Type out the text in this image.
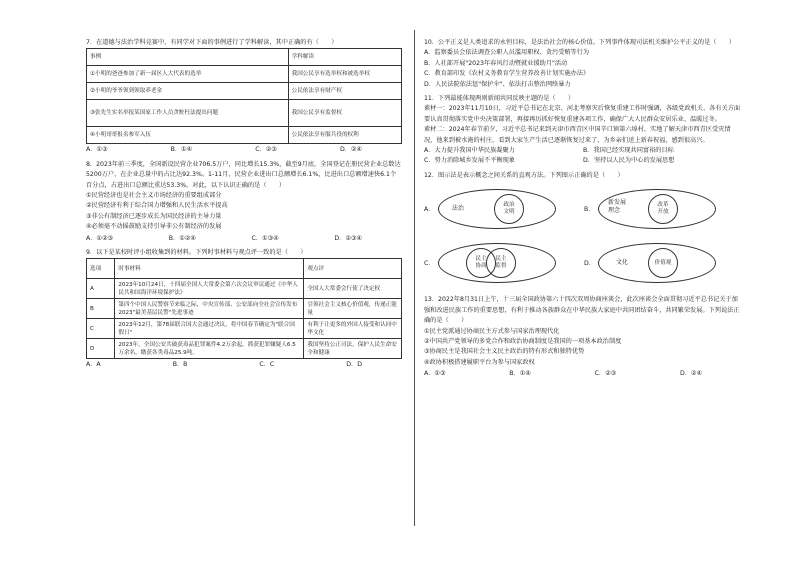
7．在道德与法治学科竞赛中，有同学对下面的事例进行了学科解读，其中正确的有（　　）

事例	学科解读
①小明的爸爸参加了新一届区人大代表的选举	我国公民享有选举权和被选举权
②小明的爷爷领到领取养老金	公民依法享有财产权
③张先生实名举报某国家工作人员贪赃枉法提出问题	我国公民享有监督权
④小明哥哥报名参军入伍	公民依法享有服兵役的权利
A．①③	B．①④	C．②③	D．②④

8．2023年前三季度，全国新设民营企业706.5万户，同比增长15.3%，截至9月底，全国登记在册民营企业总数达5200万户，在企业总量中的占比达92.3%。1-11月，民营企业进出口总额增长6.1%，比进出口总额增速快6.1个百分点，占进出口总额比重达53.3%。对此，以下认识正确的是（　　）

①民营经济也是社会主义市场经济的重要组成部分

②民营经济有利于综合国力增强和人民生活水平提高

③非公有制经济已逐步成长为国民经济的主导力量

④必须毫不动摇鼓励支持引导非公有制经济的发展

A．①②③	B．①②④	C．①③④	D．②③④

9．以下是某校时评小组收集到的材料。下列时事材料与观点评一致的是（　　）

选项	时事材料	观点评
A	2023年10月24日，十四届全国人大常委会第六次会议审议通过《中华人民共和国海洋环境保护法》	全国人大常委会行使了决定权
B	第四个中国人民警察节来临之际，中央宣传部、公安部向全社会宣传发布2023"最美基层民警"先进事迹	引领社会主义核心价值观，传递正能量
C	2023年12月，第78届联合国大会通过决议，将中国春节确定为"联合国假日"	有利于让更多的外国人接受和认同中华文化
D	2023年，全国公安共破获毒品犯罪案件4.2万余起，抓获犯罪嫌疑人6.5万余名，缴获各类毒品25.9吨。	我国坚持公正司法，保护人民生命安全和健康
A．A	B．B	C．C	D．D

10．公平正义是人类追求的永恒目标，是法治社会的核心价值。下列事件体现司法机关维护公平正义的是（　　）

A．监察委员会依法调查公职人员滥用职权、贪污受贿等行为

B．人社部开展"2023年春风行动暨就业援助月"活动

C．教育部印发《农村义务教育学生营养改善计划实施办法》

D．人民法院依法惩"保护伞"、依法打击整治网络暴力

11．下列最能体现两则新闻共同反映主题的是（　　）

素材一：2023年11月10日，习近平总书记在北京、河北考察灾后恢复重建工作时强调，各级党政机关、各有关方面要认真贯彻落实党中央决策部署，再接再厉抓好恢复重建各项工作，确保广大人民群众安居乐业、温暖过冬。

素材二：2024年春节前夕，习近平总书记来到天津市西青区中国辛口镇第六埠村，实地了解天津市西青区受灾情况，他来到被水淹的村庄，看到大家生产生活已逐渐恢复过来了，为乡亲们送上新春祝福，感到很高兴。

A．大力提升我国中华民族凝聚力	B．我国已经实现共同富裕的目标
C．努力消除城乡发展不平衡现象	D．坚持以人民为中心的发展思想

12．图示法是表示概念之间关系的直观方法。下列图示正确的是（　　）

A．	法治	政治文明	B．
新发展理念
改革开放
C．
民主协商
民主监督	D．	文化	价值观

13．2022年8月31日上午，十三届全国政协第六十四次双周协商座谈会，此次座谈会全面贯彻习近平总书记关于加强和改进民族工作的重要思想，有利于推动各族群众在中华民族大家庭中共同团结奋斗，共同繁荣发展。下列说法正确的是（　　）

①民主党派通过协商民主方式参与国家治理现代化

②中国共产党领导的多党合作和政治协商制度是我国的一项基本政治制度

③协商民主是我国社会主义民主政治的特有形式和独特优势

④政协积极搭建履职平台为参与国家政权

A．①③	B．①④	C．②③	D．②④
